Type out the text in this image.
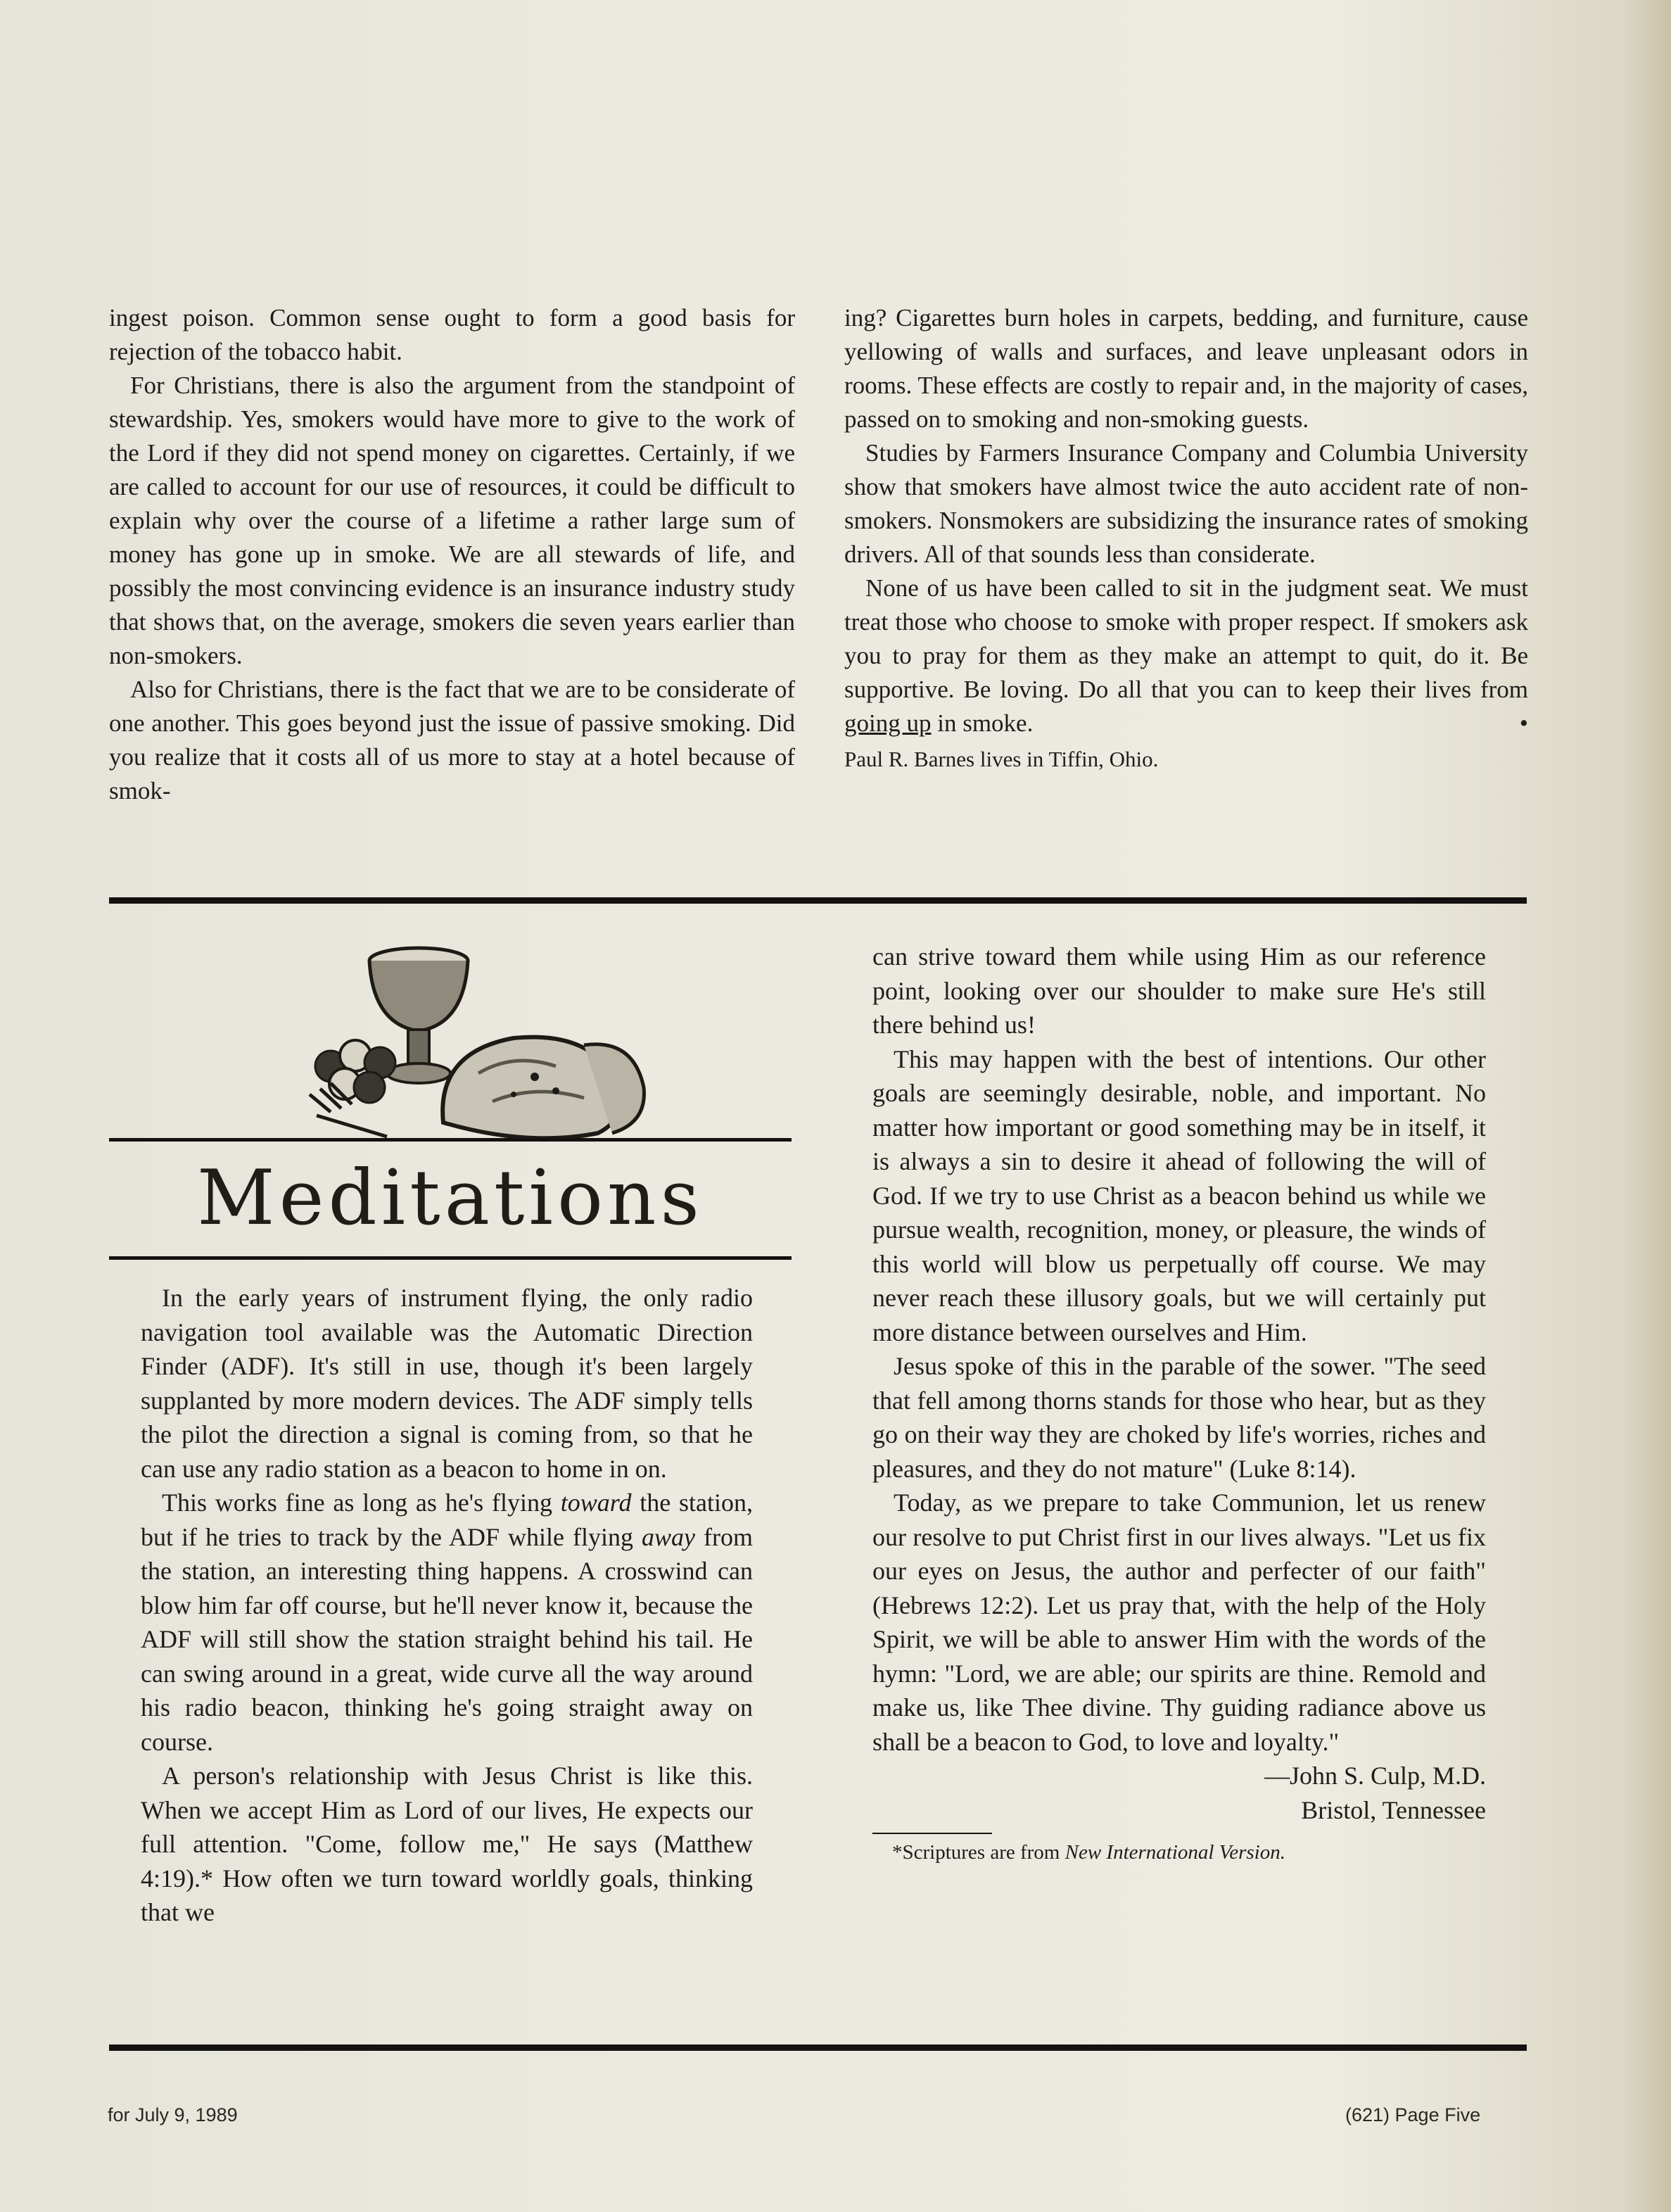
ingest poison. Common sense ought to form a good basis for rejection of the tobacco habit.

For Christians, there is also the argument from the standpoint of stewardship. Yes, smokers would have more to give to the work of the Lord if they did not spend money on cigarettes. Certainly, if we are called to account for our use of resources, it could be difficult to explain why over the course of a lifetime a rather large sum of money has gone up in smoke. We are all stewards of life, and possibly the most convincing evidence is an insurance industry study that shows that, on the average, smokers die seven years earlier than non-smokers.

Also for Christians, there is the fact that we are to be considerate of one another. This goes beyond just the issue of passive smoking. Did you realize that it costs all of us more to stay at a hotel because of smok-

ing? Cigarettes burn holes in carpets, bedding, and furniture, cause yellowing of walls and surfaces, and leave unpleasant odors in rooms. These effects are costly to repair and, in the majority of cases, passed on to smoking and non-smoking guests.

Studies by Farmers Insurance Company and Columbia University show that smokers have almost twice the auto accident rate of non-smokers. Nonsmokers are subsidizing the insurance rates of smoking drivers. All of that sounds less than considerate.

None of us have been called to sit in the judgment seat. We must treat those who choose to smoke with proper respect. If smokers ask you to pray for them as they make an attempt to quit, do it. Be supportive. Be loving. Do all that you can to keep their lives from going up in smoke.	•

Paul R. Barnes lives in Tiffin, Ohio.

Meditations

In the early years of instrument flying, the only radio navigation tool available was the Automatic Direction Finder (ADF). It's still in use, though it's been largely supplanted by more modern devices. The ADF simply tells the pilot the direction a signal is coming from, so that he can use any radio station as a beacon to home in on.

This works fine as long as he's flying toward the station, but if he tries to track by the ADF while flying away from the station, an interesting thing happens. A crosswind can blow him far off course, but he'll never know it, because the ADF will still show the station straight behind his tail. He can swing around in a great, wide curve all the way around his radio beacon, thinking he's going straight away on course.

A person's relationship with Jesus Christ is like this. When we accept Him as Lord of our lives, He expects our full attention. "Come, follow me," He says (Matthew 4:19).* How often we turn toward worldly goals, thinking that we

can strive toward them while using Him as our reference point, looking over our shoulder to make sure He's still there behind us!

This may happen with the best of intentions. Our other goals are seemingly desirable, noble, and important. No matter how important or good something may be in itself, it is always a sin to desire it ahead of following the will of God. If we try to use Christ as a beacon behind us while we pursue wealth, recognition, money, or pleasure, the winds of this world will blow us perpetually off course. We may never reach these illusory goals, but we will certainly put more distance between ourselves and Him.

Jesus spoke of this in the parable of the sower. "The seed that fell among thorns stands for those who hear, but as they go on their way they are choked by life's worries, riches and pleasures, and they do not mature" (Luke 8:14).

Today, as we prepare to take Communion, let us renew our resolve to put Christ first in our lives always. "Let us fix our eyes on Jesus, the author and perfecter of our faith" (Hebrews 12:2). Let us pray that, with the help of the Holy Spirit, we will be able to answer Him with the words of the hymn: "Lord, we are able; our spirits are thine. Remold and make us, like Thee divine. Thy guiding radiance above us shall be a beacon to God, to love and loyalty."

—John S. Culp, M.D.

Bristol, Tennessee

*Scriptures are from New International Version.

for July 9, 1989	(621) Page Five
